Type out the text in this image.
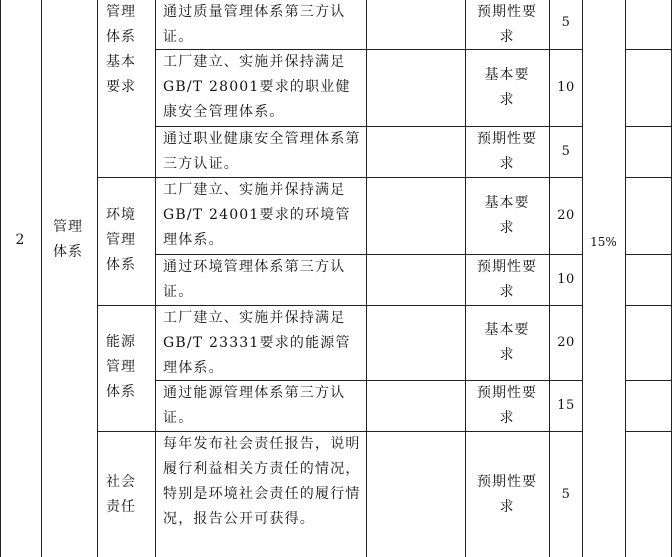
2
管理体系
15%
管理体系基本要求
环境管理体系
能源管理体系
社会责任
通过质量管理体系第三方认证。
工厂建立、实施并保持满足GB/T 28001要求的职业健康安全管理体系。
通过职业健康安全管理体系第三方认证。
工厂建立、实施并保持满足GB/T 24001要求的环境管理体系。
通过环境管理体系第三方认证。
工厂建立、实施并保持满足GB/T 23331要求的能源管理体系。
通过能源管理体系第三方认证。
每年发布社会责任报告，说明履行利益相关方责任的情况，特别是环境社会责任的履行情况，报告公开可获得。
预期性要求
基本要求
预期性要求
基本要求
预期性要求
基本要求
预期性要求
预期性要求
5
10
5
20
10
20
15
5
